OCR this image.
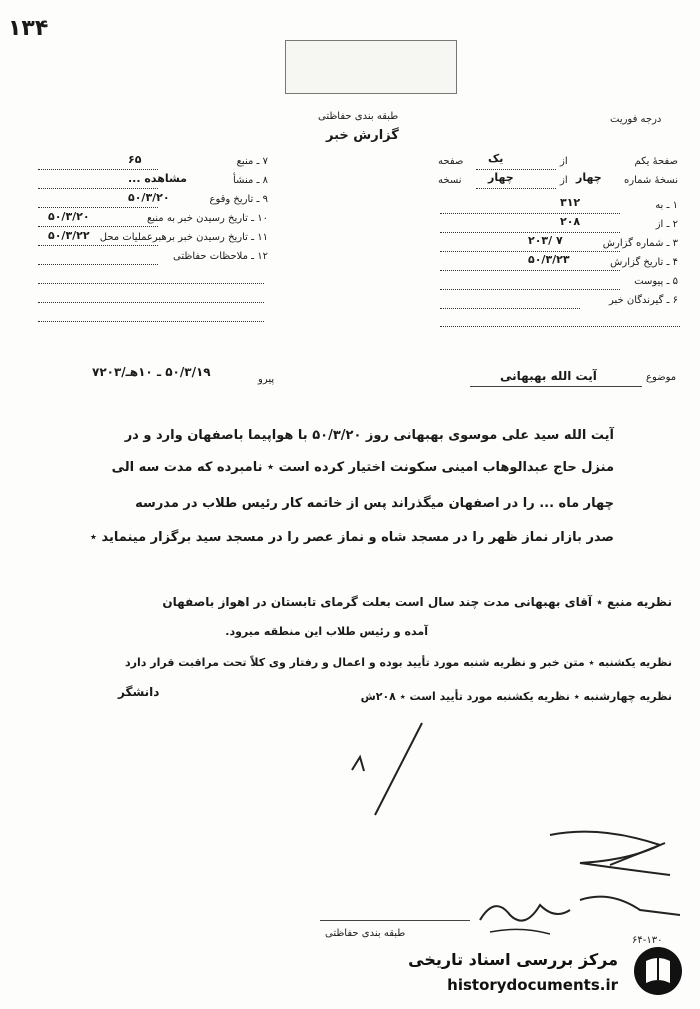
۱۳۴
طبقه بندی حفاظتی
گزارش خبر
درجه فوریت
۷ ـ منبع
۶۵
۸ ـ منشأ
مشاهده ...
۹ ـ تاریخ وقوع
۵۰/۳/۲۰
۱۰ ـ تاریخ رسیدن خبر به منبع
۵۰/۳/۲۰
۱۱ ـ تاریخ رسیدن خبر برهبرعملیات محل
۵۰/۳/۲۲
۱۲ ـ ملاحظات حفاظتی
صفحهٔ یکم
یک	از
صفحه
نسخهٔ شماره
چهار	از چهار
نسخه
۱ ـ به
۳۱۲
۲ ـ از
۲۰۸
۳ ـ شماره گزارش
۲۰۳/ ۷
۴ ـ تاریخ گزارش
۵۰/۳/۲۳
۵ ـ پیوست
۶ ـ گیرندگان خبر
موضوع
آیت الله بهبهانی
پیرو
۵۰/۳/۱۹ ـ ۱۰هـ/۷۲۰۳
آیت الله سید علی موسوی بهبهانی روز ۵۰/۳/۲۰ با هواپیما باصفهان وارد و در
منزل حاج عبدالوهاب امینی سکونت اختیار کرده است ٭ نامبرده که مدت سه الی
چهار ماه ... را در اصفهان میگذراند پس از خاتمه کار رئیس طلاب در مدرسه
صدر بازار نماز ظهر را در مسجد شاه و نماز عصر را در مسجد سید برگزار مینماید ٭
نظریه منبع ٭ آقای بهبهانی مدت چند سال است بعلت گرمای تابستان در اهواز باصفهان
آمده و رئیس طلاب این منطقه میرود.
نظریه یکشنبه ٭ متن خبر و نظریه شنبه مورد تأیید بوده و اعمال و رفتار وی کلاً تحت مراقبت قرار دارد
نظریه چهارشنبه ٭ نظریه یکشنبه مورد تأیید است ٭ ۲۰۸ش
دانشگر
طبقه بندی حفاظتی
۶۴-۱۳۰
مرکز بررسی اسناد تاریخی
historydocuments.ir
